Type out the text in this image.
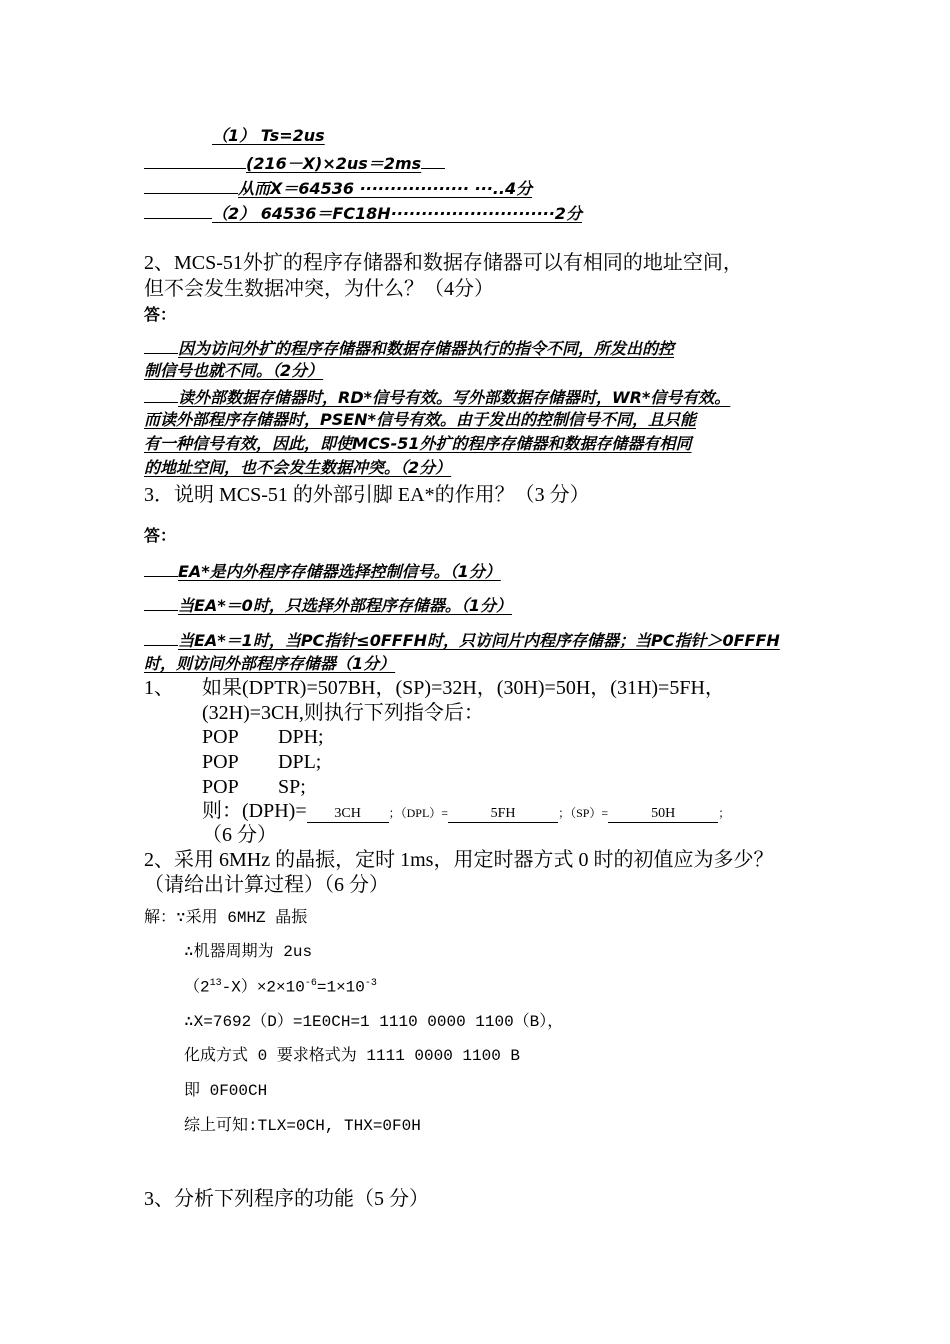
（1） Ts=2us
(216－X)×2us＝2ms
从而X＝64536 ·················· ···..4分
（2） 64536＝FC18H···························2分
2、MCS-51外扩的程序存储器和数据存储器可以有相同的地址空间，
但不会发生数据冲突，为什么？（4分）
答：
因为访问外扩的程序存储器和数据存储器执行的指令不同，所发出的控
制信号也就不同。（2分）
读外部数据存储器时，RD*信号有效。写外部数据存储器时，WR*信号有效。
而读外部程序存储器时，PSEN*信号有效。由于发出的控制信号不同，且只能
有一种信号有效，因此，即使MCS-51外扩的程序存储器和数据存储器有相同
的地址空间，也不会发生数据冲突。（2分）
3．说明 MCS-51 的外部引脚 EA*的作用？（3 分）
答：
EA*是内外程序存储器选择控制信号。（1分）
当EA*＝0时，只选择外部程序存储器。（1分）
当EA*＝1时，当PC指针≤0FFFH时，只访问片内程序存储器；当PC指针＞0FFFH
时，则访问外部程序存储器（1分）
1、 如果(DPTR)=507BH，(SP)=32H，(30H)=50H，(31H)=5FH，
(32H)=3CH,则执行下列指令后：
POP DPH;
POP DPL;
POP SP;
则：(DPH)= 3CH ；（DPL）=	5FH	；（SP）=	50H	；
（6 分）
2、采用 6MHz 的晶振，定时 1ms，用定时器方式 0 时的初值应为多少？
（请给出计算过程）（6 分）
解：∵采用 6MHZ 晶振
∴机器周期为 2us
$(2^{13}-X)\times 2\times 10^{-6}=1\times 10^{-3}$
∴X=7692（D）=1E0CH=1 1110 0000 1100（B），
化成方式 0 要求格式为 1111 0000 1100 B
即 0F00CH
综上可知:TLX=0CH, THX=0F0H
3、分析下列程序的功能（5 分）
